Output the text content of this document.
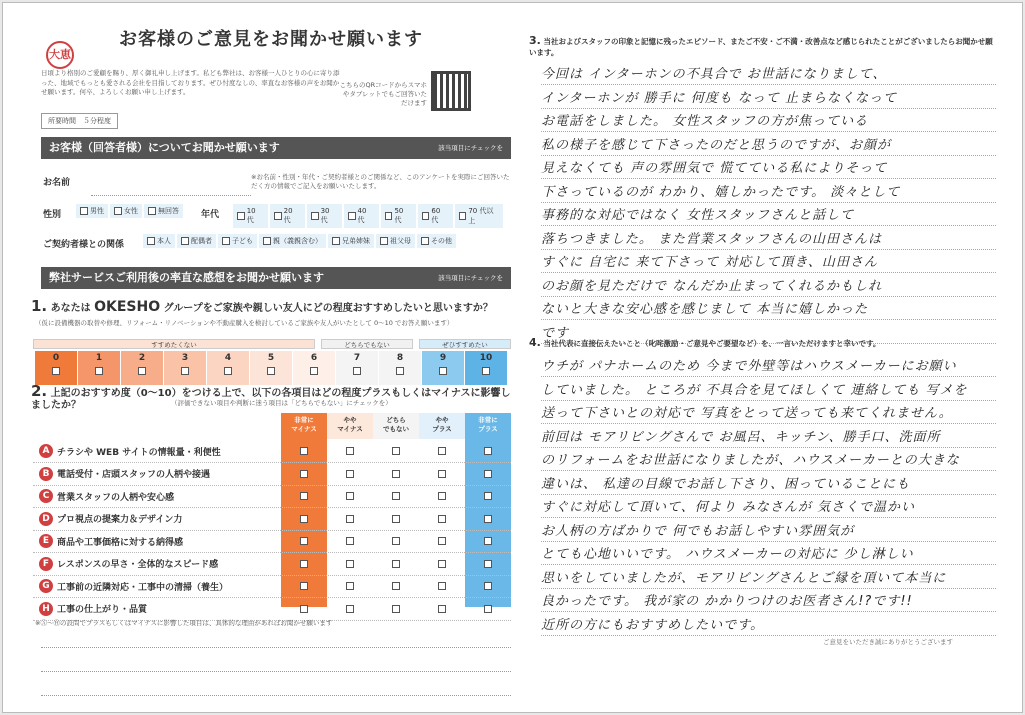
大恵
お客様のご意見をお聞かせ願います
日頃より格別のご愛顧を賜り、厚く御礼申し上げます。私ども弊社は、お客様一人ひとりの心に寄り添った、地域でもっとも愛される会社を目指しております。ぜひ忖度なしの、率直なお客様の声をお聞かせ願います。何卒、よろしくお願い申し上げます。
こちらのQRコードからスマホやタブレットでもご回答いただけます
所要時間　５分程度
お客様（回答者様）についてお聞かせ願います	該当項目にチェックを
お名前
※お名前・性別・年代・ご契約者様とのご関係など、このアンケートを実際にご回答いただく方の情報でご記入をお願いいたします。
性別	男性	女性	無回答 年代	10 代
20 代
30 代
40 代
50 代
60 代
70 代以上
ご契約者様との関係	本人	配偶者	子ども	親（義親含む）	兄弟姉妹	祖父母	その他
弊社サービスご利用後の率直な感想をお聞かせ願います	該当項目にチェックを
1. あなたは OKESHO グループをご家族や親しい友人にどの程度おすすめしたいと思いますか？
（仮に設備機器の取替や修理、リフォーム・リノベーションや不動産購入を検討しているご家族や友人がいたとして 0〜10 でお答え願います）
すすめたくない	どちらでもない	ぜひすすめたい
0	1	2	3	4	5	6	7	8	9	10
2. 上記のおすすめ度（0〜10）をつける上で、以下の各項目はどの程度プラスもしくはマイナスに影響しましたか？	（評価できない項目や判断に迷う項目は「どちらでもない」にチェックを）
非常に
マイナス
やや
マイナス
どちら
でもない
やや
プラス
非常に
プラス
A チラシや WEB サイトの情報量・利便性
B 電話受付・店頭スタッフの人柄や接遇
C 営業スタッフの人柄や安心感
D プロ視点の提案力＆デザイン力
E 商品や工事価格に対する納得感
F レスポンスの早さ・全体的なスピード感
G 工事前の近隣対応・工事中の清掃（養生）
H 工事の仕上がり・品質
※Ⓐ〜Ⓗの設問でプラスもしくはマイナスに影響した項目は、具体的な理由があればお聞かせ願います
3. 当社およびスタッフの印象と記憶に残ったエピソード、またご不安・ご不満・改善点など感じられたことがございましたらお聞かせ願います。
今回は インターホンの不具合で お世話になりまして、
インターホンが 勝手に 何度も なって 止まらなくなって
お電話をしました。 女性スタッフの方が焦っている
私の様子を感じて下さったのだと思うのですが、お顔が
見えなくても 声の雰囲気で 慌てている私によりそって
下さっているのが わかり、嬉しかったです。 淡々として
事務的な対応ではなく 女性スタッフさんと話して
落ちつきました。 また営業スタッフさんの山田さんは
すぐに 自宅に 来て下さって 対応して頂き、山田さん
のお顔を見ただけで なんだか止まってくれるかもしれ
ないと大きな安心感を感じまして 本当に嬉しかった
です
4. 当社代表に直接伝えたいこと（叱咤激励・ご意見やご要望など）を、一言いただけますと幸いです。
ウチが パナホームのため 今まで外壁等はハウスメーカーにお願い
していました。 ところが 不具合を見てほしくて 連絡しても 写メを
送って下さいとの対応で 写真をとって送っても来てくれません。
前回は モアリビングさんで お風呂、キッチン、勝手口、洗面所
のリフォームをお世話になりましたが、ハウスメーカーとの大きな
違いは、 私達の目線でお話し下さり、困っていることにも
すぐに対応して頂いて、何より みなさんが 気さくで温かい
お人柄の方ばかりで 何でもお話しやすい雰囲気が
とても心地いいです。 ハウスメーカーの対応に 少し淋しい
思いをしていましたが、モアリビングさんとご縁を頂いて本当に
良かったです。 我が家の かかりつけのお医者さん!?です!!
近所の方にもおすすめしたいです。
ご意見をいただき誠にありがとうございます
